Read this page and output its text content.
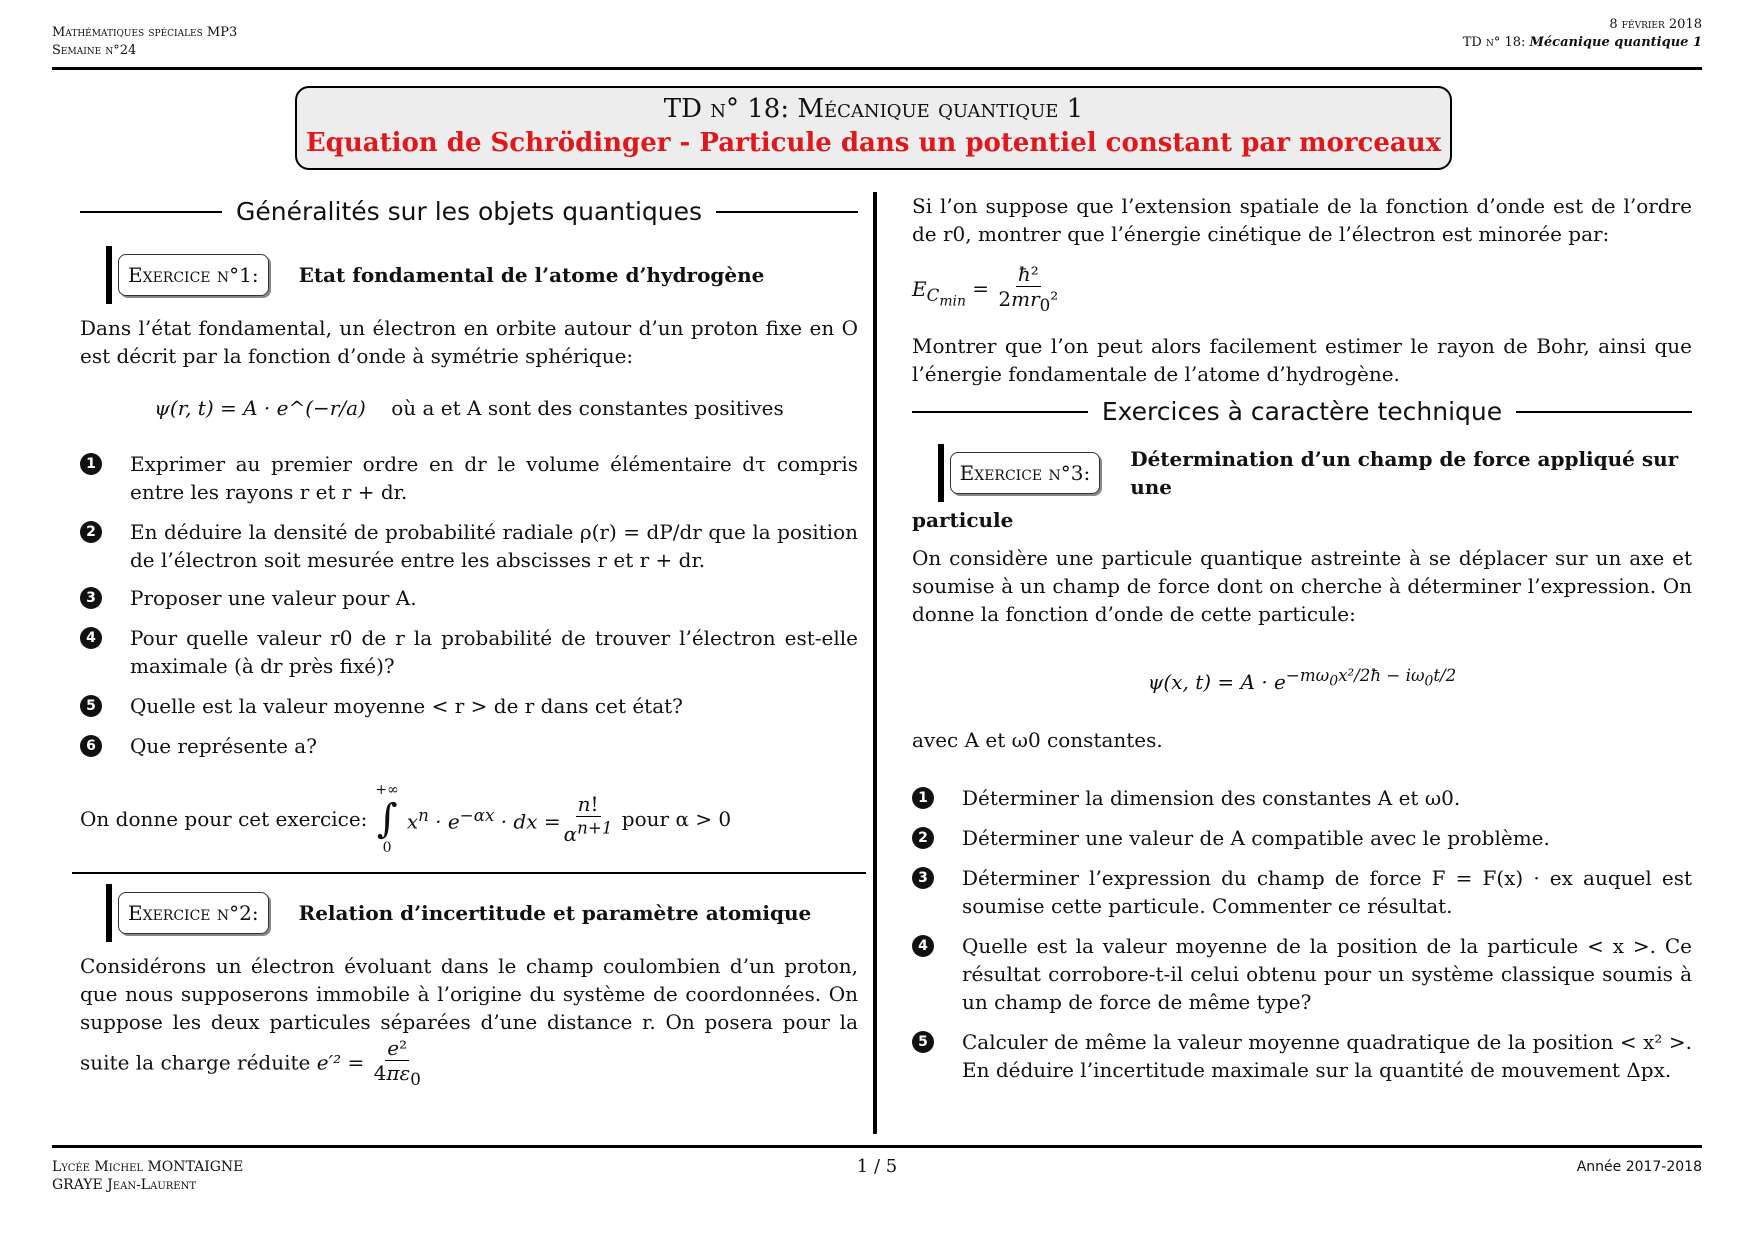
Mathématiques spéciales MP3
Semaine n°24
8 février 2018
TD n° 18: Mécanique quantique 1
TD n° 18: Mécanique quantique 1
Equation de Schrödinger - Particule dans un potentiel constant par morceaux
Généralités sur les objets quantiques
Exercice n°1:	Etat fondamental de l’atome d’hydrogène

Dans l’état fondamental, un électron en orbite autour d’un proton fixe en O est décrit par la fonction d’onde à symétrie sphérique:

ψ(r, t) = A · e^(−r/a) où a et A sont des constantes positives
1	Exprimer au premier ordre en dr le volume élémentaire dτ compris entre les rayons r et r + dr.
2	En déduire la densité de probabilité radiale ρ(r) = dP/dr que la position de l’électron soit mesurée entre les abscisses r et r + dr.
3	Proposer une valeur pour A.
4	Pour quelle valeur r0 de r la probabilité de trouver l’électron est-elle maximale (à dr près fixé)?
5	Quelle est la valeur moyenne < r > de r dans cet état?
6	Que représente a?
On donne pour cet exercice:
+∞
∫
0
$x^n \cdot e^{-\alpha x}$ · dx = $\frac{n!}{\alpha^{n+1}}$
pour α > 0
Exercice n°2:	Relation d’incertitude et paramètre atomique

Considérons un électron évoluant dans le champ coulombien d’un proton, que nous supposerons immobile à l’origine du système de coordonnées. On suppose les deux particules séparées d’une distance r. On posera pour la suite la charge réduite $e'^2 = \frac{\text{e²}}{4\pi\varepsilon_0}$

Si l’on suppose que l’extension spatiale de la fonction d’onde est de l’ordre de r0, montrer que l’énergie cinétique de l’électron est minorée par:

$E_{C_{min}} = \frac{\text{ħ²}}{2mr_0^2}$

Montrer que l’on peut alors facilement estimer le rayon de Bohr, ainsi que l’énergie fondamentale de l’atome d’hydrogène.

Exercices à caractère technique
Exercice n°3:
Détermination d’un champ de force appliqué sur une
particule

On considère une particule quantique astreinte à se déplacer sur un axe et soumise à un champ de force dont on cherche à déterminer l’expression. On donne la fonction d’onde de cette particule:

ψ(x, $t) = A \cdot e^{-m\omega_0x^2/2ħ - i\omega_0t/2}$

avec A et ω0 constantes.

1	Déterminer la dimension des constantes A et ω0.
2	Déterminer une valeur de A compatible avec le problème.
3	Déterminer l’expression du champ de force F = F(x) · ex auquel est soumise cette particule. Commenter ce résultat.
4	Quelle est la valeur moyenne de la position de la particule < x >. Ce résultat corrobore-t-il celui obtenu pour un système classique soumis à un champ de force de même type?
5	Calculer de même la valeur moyenne quadratique de la position < x² >. En déduire l’incertitude maximale sur la quantité de mouvement Δpx.
Lycée Michel MONTAIGNE
GRAYE Jean-Laurent
1 / 5	Année 2017-2018
